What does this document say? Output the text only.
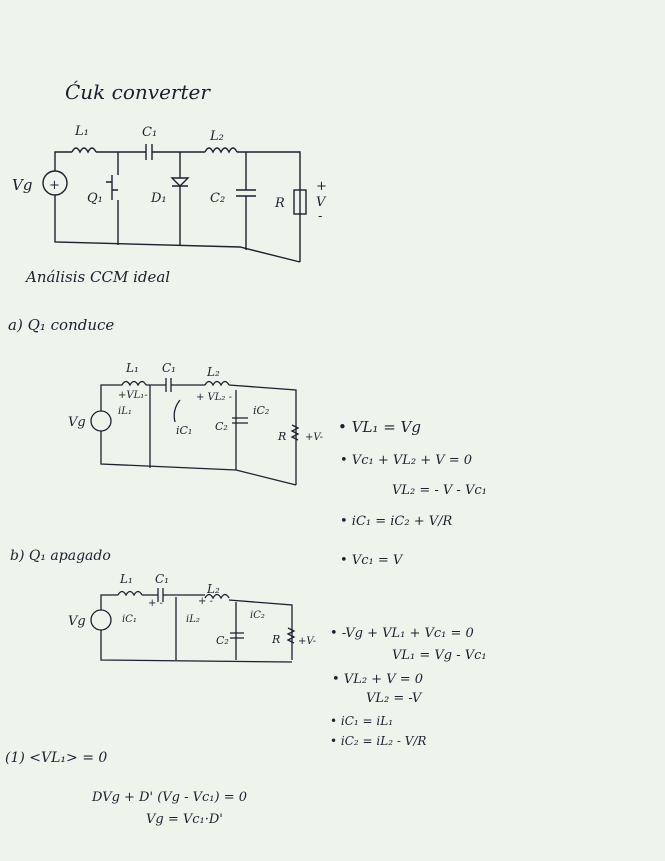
Ćuk converter
Vg +
L₁	C₁	L₂
Q₁	D₁	C₂	R
+
V
-
Vg
L₁ C₁	L₂
+VL₁-
iL₁
+ VL₂ -
iC₁ C₂
iC₂
R +V-
Vg
L₁ C₁
+ -
L₂
+ -
iC₁	iL₂	iC₂
C₂	R +V-
Análisis CCM ideal
a) Q₁ conduce
• VL₁ = Vg
• Vc₁ + VL₂ + V = 0
VL₂ = - V - Vc₁
• iC₁ = iC₂ + V/R
• Vc₁ = V
b) Q₁ apagado
• -Vg + VL₁ + Vc₁ = 0
VL₁ = Vg - Vc₁
• VL₂ + V = 0
VL₂ = -V
• iC₁ = iL₁
• iC₂ = iL₂ - V/R
(1) <VL₁> = 0
DVg + D' (Vg - Vc₁) = 0
Vg = Vc₁·D'
